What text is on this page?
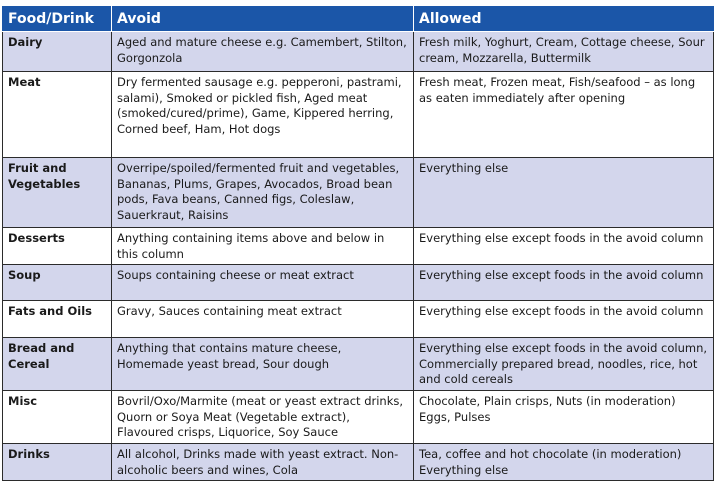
Food/Drink	Avoid	Allowed
Dairy	Aged and mature cheese e.g. Camembert, Stilton, Gorgonzola	Fresh milk, Yoghurt, Cream, Cottage cheese, Sour cream, Mozzarella, Buttermilk
Meat	Dry fermented sausage e.g. pepperoni, pastrami, salami), Smoked or pickled fish, Aged meat (smoked/cured/prime), Game, Kippered herring, Corned beef, Ham, Hot dogs	Fresh meat, Frozen meat, Fish/seafood – as long as eaten immediately after opening
Fruit and Vegetables	Overripe/spoiled/fermented fruit and vegetables, Bananas, Plums, Grapes, Avocados, Broad bean pods, Fava beans, Canned figs, Coleslaw, Sauerkraut, Raisins	Everything else
Desserts	Anything containing items above and below in this column	Everything else except foods in the avoid column
Soup	Soups containing cheese or meat extract	Everything else except foods in the avoid column
Fats and Oils	Gravy, Sauces containing meat extract	Everything else except foods in the avoid column
Bread and Cereal	Anything that contains mature cheese, Homemade yeast bread, Sour dough	Everything else except foods in the avoid column, Commercially prepared bread, noodles, rice, hot and cold cereals
Misc	Bovril/Oxo/Marmite (meat or yeast extract drinks, Quorn or Soya Meat (Vegetable extract), Flavoured crisps, Liquorice, Soy Sauce	Chocolate, Plain crisps, Nuts (in moderation) Eggs, Pulses
Drinks	All alcohol, Drinks made with yeast extract. Non-alcoholic beers and wines, Cola	Tea, coffee and hot chocolate (in moderation) Everything else
